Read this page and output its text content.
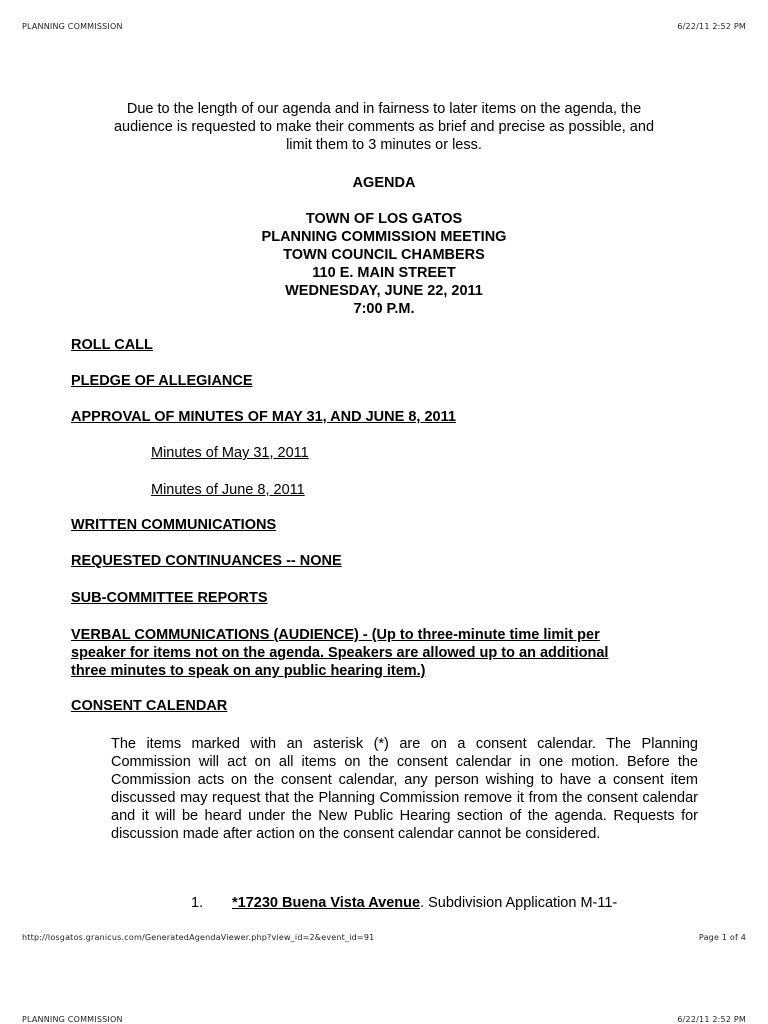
PLANNING COMMISSION	6/22/11 2:52 PM
Due to the length of our agenda and in fairness to later items on the agenda, the
audience is requested to make their comments as brief and precise as possible, and
limit them to 3 minutes or less.
AGENDA
TOWN OF LOS GATOS
PLANNING COMMISSION MEETING
TOWN COUNCIL CHAMBERS
110 E. MAIN STREET
WEDNESDAY, JUNE 22, 2011
7:00 P.M.
ROLL CALL
PLEDGE OF ALLEGIANCE
APPROVAL OF MINUTES OF MAY 31, AND JUNE 8, 2011
Minutes of May 31, 2011
Minutes of June 8, 2011
WRITTEN COMMUNICATIONS
REQUESTED CONTINUANCES -- NONE
SUB-COMMITTEE REPORTS
VERBAL COMMUNICATIONS (AUDIENCE) - (Up to three-minute time limit per
speaker for items not on the agenda. Speakers are allowed up to an additional
three minutes to speak on any public hearing item.)
CONSENT CALENDAR
The items marked with an asterisk (*) are on a consent calendar. The Planning Commission will act on all items on the consent calendar in one motion. Before the Commission acts on the consent calendar, any person wishing to have a consent item discussed may request that the Planning Commission remove it from the consent calendar and it will be heard under the New Public Hearing section of the agenda. Requests for discussion made after action on the consent calendar cannot be considered.
1. *17230 Buena Vista Avenue. Subdivision Application M-11-
http://losgatos.granicus.com/GeneratedAgendaViewer.php?view_id=2&event_id=91	Page 1 of 4
PLANNING COMMISSION	6/22/11 2:52 PM
